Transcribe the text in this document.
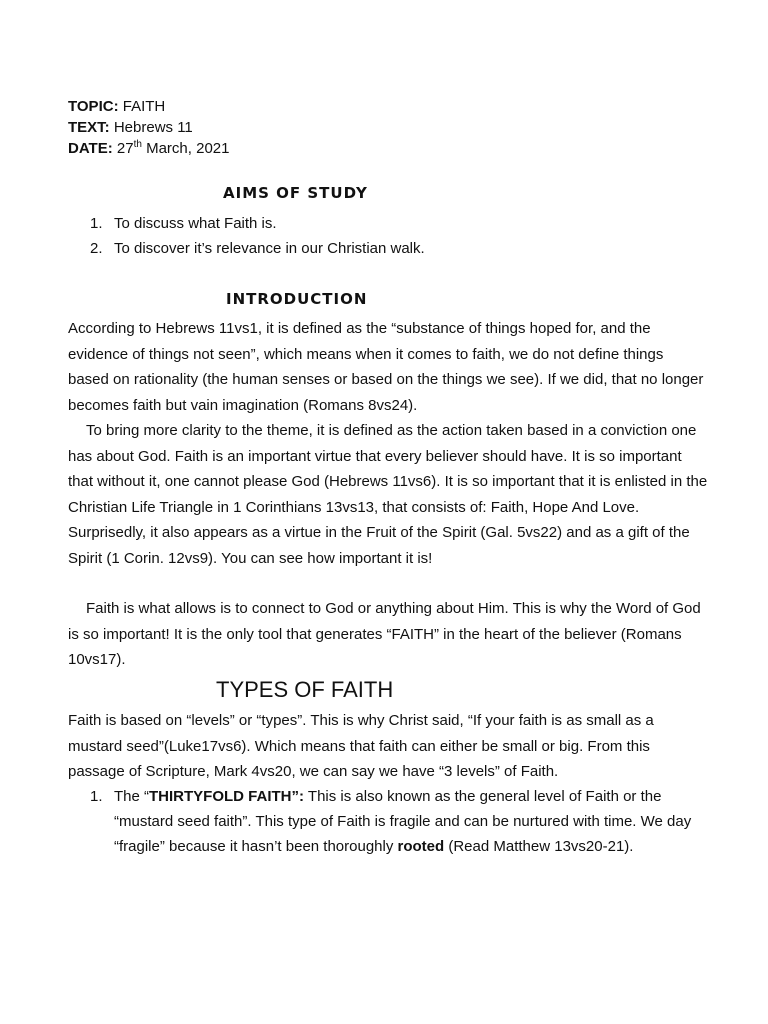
TOPIC: FAITH
TEXT: Hebrews 11
DATE: 27th March, 2021
AIMS OF STUDY
1. To discuss what Faith is.
2. To discover it’s relevance in our Christian walk.
INTRODUCTION

According to Hebrews 11vs1, it is defined as the “substance of things hoped for, and the evidence of things not seen”, which means when it comes to faith, we do not define things based on rationality (the human senses or based on the things we see). If we did, that no longer becomes faith but vain imagination (Romans 8vs24).

To bring more clarity to the theme, it is defined as the action taken based in a conviction one has about God. Faith is an important virtue that every believer should have. It is so important that without it, one cannot please God (Hebrews 11vs6). It is so important that it is enlisted in the Christian Life Triangle in 1 Corinthians 13vs13, that consists of: Faith, Hope And Love. Surprisedly, it also appears as a virtue in the Fruit of the Spirit (Gal. 5vs22) and as a gift of the Spirit (1 Corin. 12vs9). You can see how important it is!

Faith is what allows is to connect to God or anything about Him. This is why the Word of God is so important! It is the only tool that generates “FAITH” in the heart of the believer (Romans 10vs17).

TYPES OF FAITH

Faith is based on “levels” or “types”. This is why Christ said, “If your faith is as small as a mustard seed”(Luke17vs6). Which means that faith can either be small or big. From this passage of Scripture, Mark 4vs20, we can say we have “3 levels” of Faith.

1. The “THIRTYFOLD FAITH”: This is also known as the general level of Faith or the “mustard seed faith”. This type of Faith is fragile and can be nurtured with time. We day “fragile” because it hasn’t been thoroughly rooted (Read Matthew 13vs20-21).
